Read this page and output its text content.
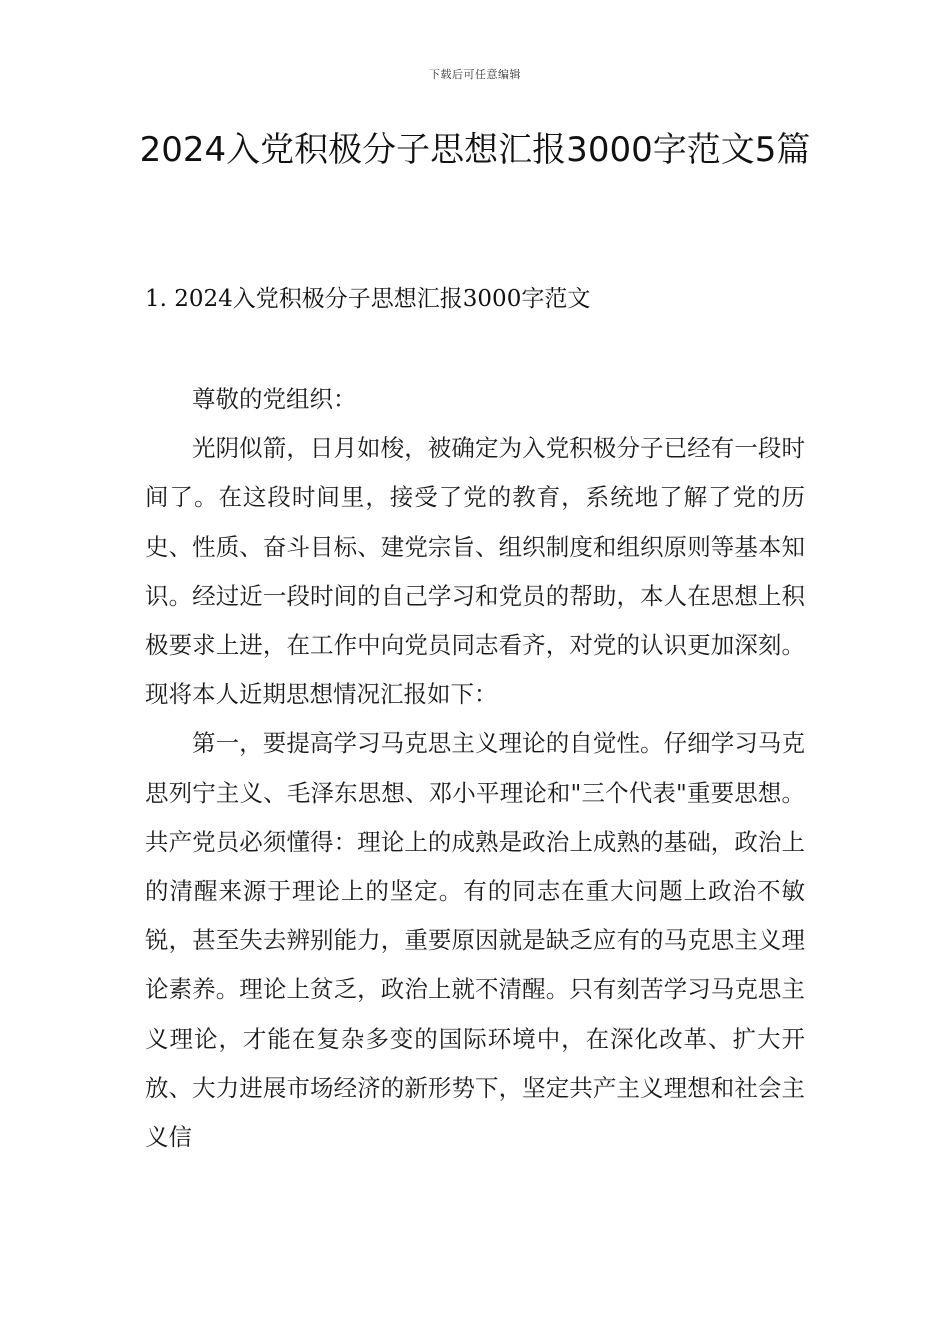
下载后可任意编辑
2024入党积极分子思想汇报3000字范文5篇
1. 2024入党积极分子思想汇报3000字范文

尊敬的党组织：

光阴似箭，日月如梭，被确定为入党积极分子已经有一段时间了。在这段时间里，接受了党的教育，系统地了解了党的历史、性质、奋斗目标、建党宗旨、组织制度和组织原则等基本知识。经过近一段时间的自己学习和党员的帮助，本人在思想上积极要求上进，在工作中向党员同志看齐，对党的认识更加深刻。现将本人近期思想情况汇报如下：

第一，要提高学习马克思主义理论的自觉性。仔细学习马克思列宁主义、毛泽东思想、邓小平理论和"三个代表"重要思想。共产党员必须懂得：理论上的成熟是政治上成熟的基础，政治上的清醒来源于理论上的坚定。有的同志在重大问题上政治不敏锐，甚至失去辨别能力，重要原因就是缺乏应有的马克思主义理论素养。理论上贫乏，政治上就不清醒。只有刻苦学习马克思主义理论，才能在复杂多变的国际环境中，在深化改革、扩大开放、大力进展市场经济的新形势下，坚定共产主义理想和社会主义信
